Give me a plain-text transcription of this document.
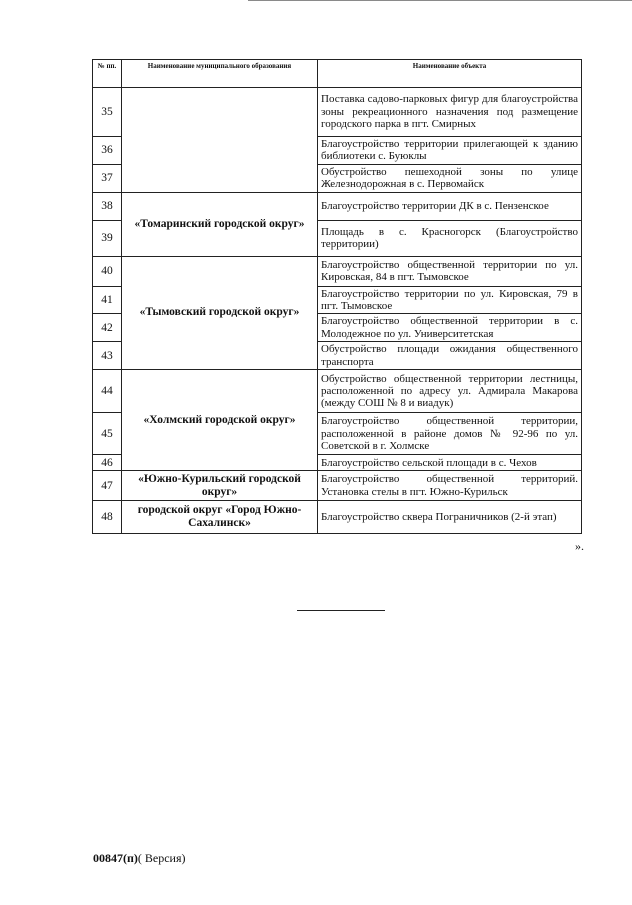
№ пп.	Наименование муниципального образования	Наименование объекта
35		Поставка садово-парковых фигур для благоустройства зоны рекреационного назначения под размещение городского парка в пгт. Смирных
36		Благоустройство территории прилегающей к зданию библиотеки с. Буюклы
37		Обустройство пешеходной зоны по улице Железнодорожная в с. Первомайск
38	«Томаринский городской округ»	Благоустройство территории ДК в с. Пензенское
39		Площадь в с. Красногорск (Благоустройство территории)
40	«Тымовский городской округ»	Благоустройство общественной территории по ул. Кировская, 84 в пгт. Тымовское
41		Благоустройство территории по ул. Кировская, 79 в пгт. Тымовское
42		Благоустройство общественной территории в с. Молодежное по ул. Университетская
43		Обустройство площади ожидания общественного транспорта
44	«Холмский городской округ»	Обустройство общественной территории лестницы, расположенной по адресу ул. Адмирала Макарова (между СОШ № 8 и виадук)
45		Благоустройство общественной территории, расположенной в районе домов № 92-96 по ул. Советской в г. Холмске
46		Благоустройство сельской площади в с. Чехов
47	«Южно-Курильский городской округ»	Благоустройство общественной территорий. Установка стелы в пгт. Южно-Курильск
48	городской округ «Город Южно-Сахалинск»	Благоустройство сквера Пограничников (2-й этап)
».
00847(п)( Версия)
